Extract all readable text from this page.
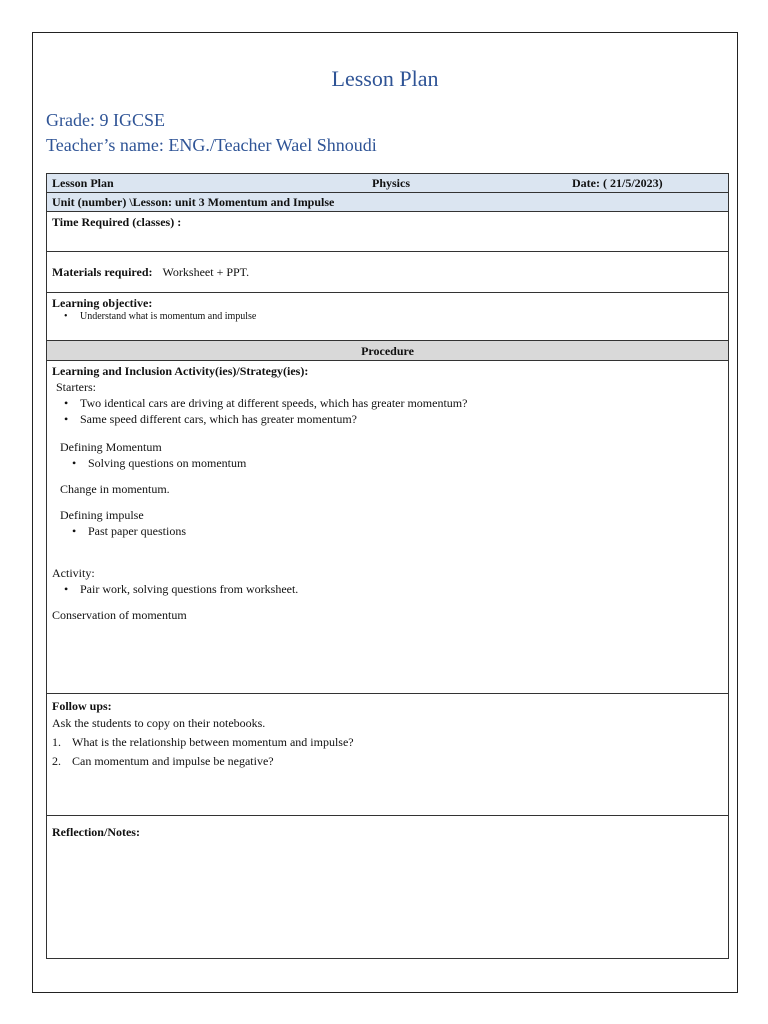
Lesson Plan
Grade: 9 IGCSE
Teacher’s name: ENG./Teacher Wael Shnoudi
Lesson Plan	Physics	Date: ( 21/5/2023)
Unit (number) \Lesson: unit 3 Momentum and Impulse
Time Required (classes) :
Materials required: Worksheet + PPT.
Learning objective:
• Understand what is momentum and impulse
Procedure
Learning and Inclusion Activity(ies)/Strategy(ies):
Starters:
• Two identical cars are driving at different speeds, which has greater momentum?
• Same speed different cars, which has greater momentum?
Defining Momentum
• Solving questions on momentum
Change in momentum.
Defining impulse
• Past paper questions
Activity:
• Pair work, solving questions from worksheet.
Conservation of momentum
Follow ups:
Ask the students to copy on their notebooks.
1. What is the relationship between momentum and impulse?
2. Can momentum and impulse be negative?
Reflection/Notes:
